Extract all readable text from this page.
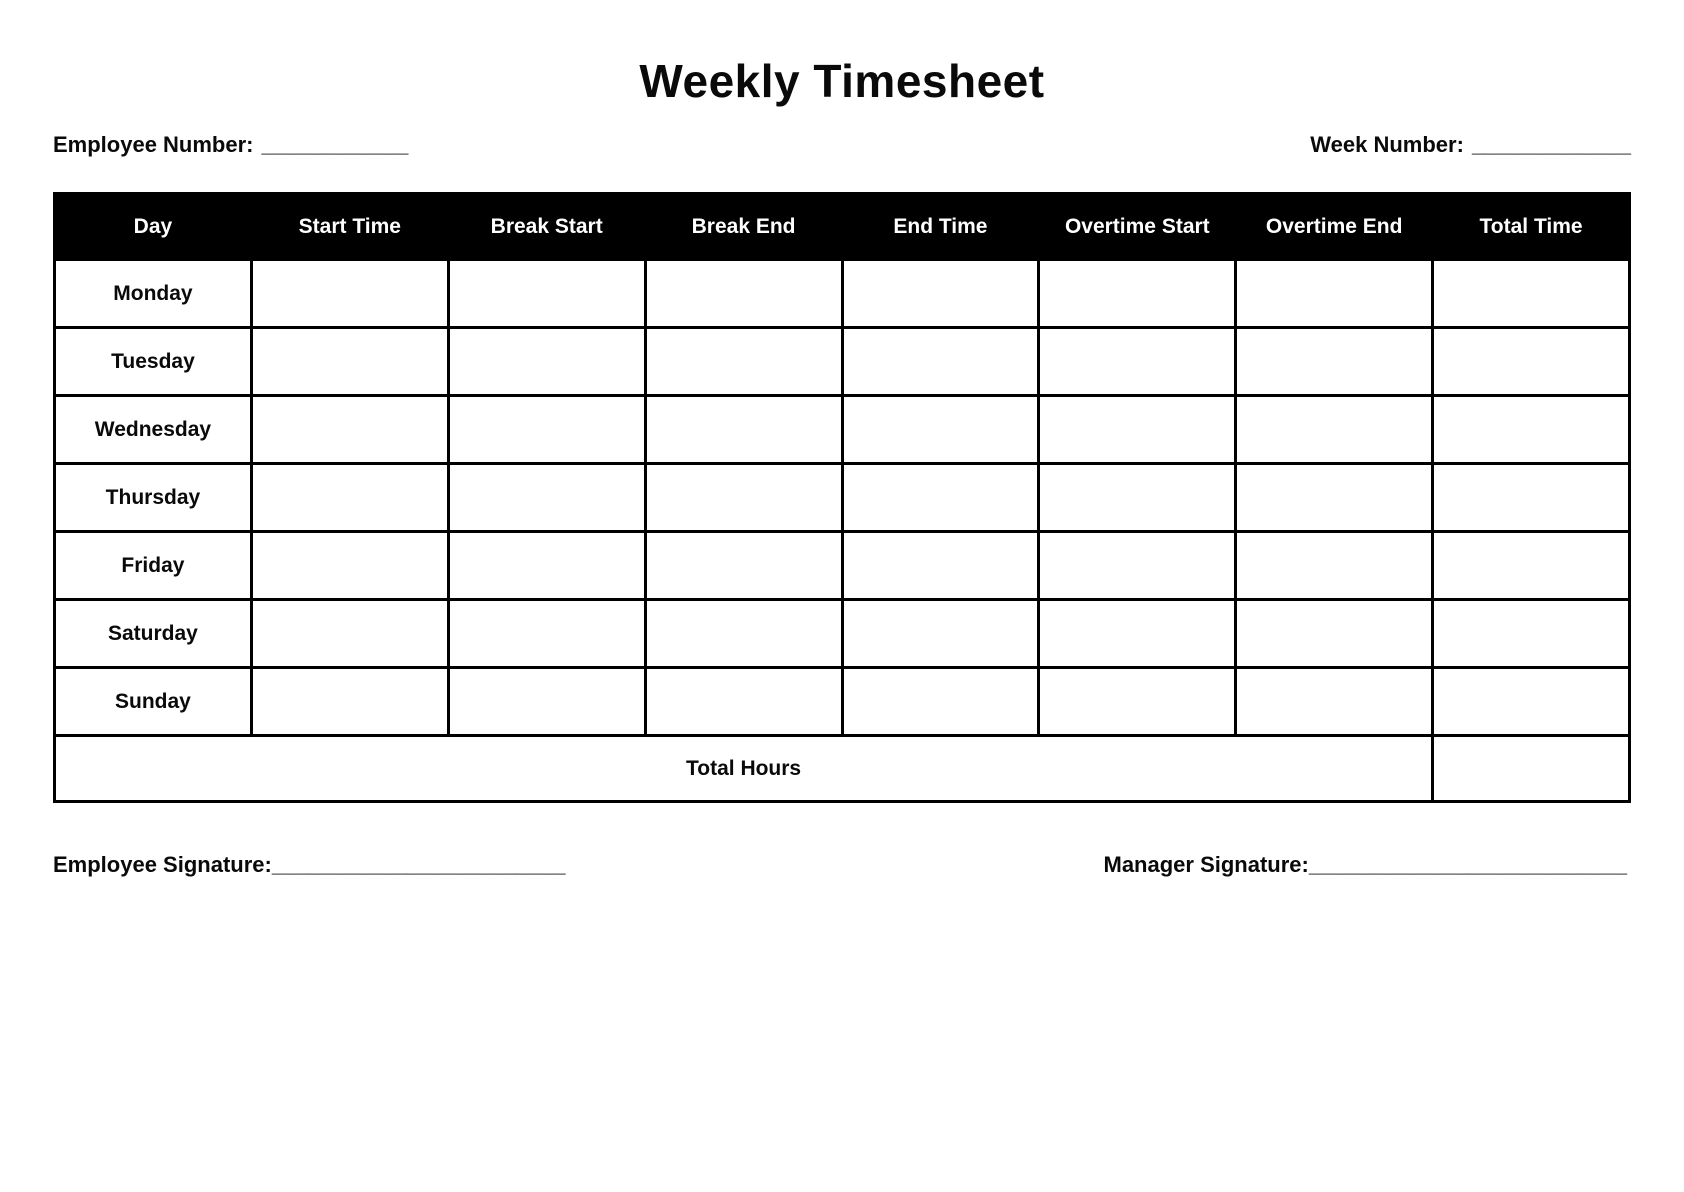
Weekly Timesheet
Employee Number: ____________	Week Number: _____________
Day	Start Time	Break Start	Break End	End Time	Overtime Start	Overtime End	Total Time
Monday							
Tuesday							
Wednesday							
Thursday							
Friday							
Saturday							
Sunday							
Total Hours							
Employee Signature:________________________	Manager Signature:__________________________
